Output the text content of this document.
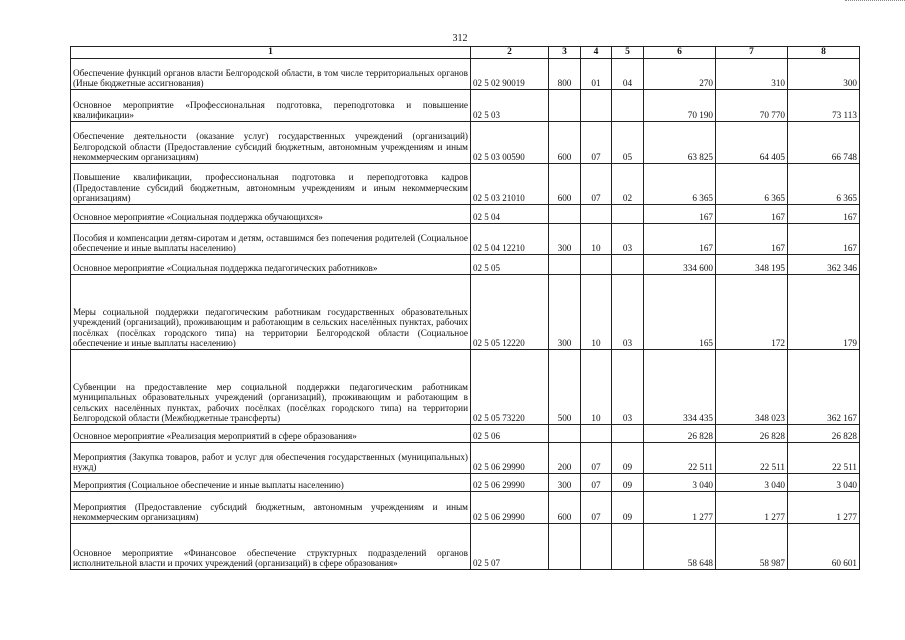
312
1	2	3	4	5	6	7	8
Обеспечение функций органов власти Белгородской области, в том числе территориальных органов (Иные бюджетные ассигнования)	02 5 02 90019	800	01	04	270	310	300
Основное мероприятие «Профессиональная подготовка, переподготовка и повышение квалификации»	02 5 03				70 190	70 770	73 113
Обеспечение деятельности (оказание услуг) государственных учреждений (организаций) Белгородской области (Предоставление субсидий бюджетным, автономным учреждениям и иным некоммерческим организациям)	02 5 03 00590	600	07	05	63 825	64 405	66 748
Повышение квалификации, профессиональная подготовка и переподготовка кадров (Предоставление субсидий бюджетным, автономным учреждениям и иным некоммерческим организациям)	02 5 03 21010	600	07	02	6 365	6 365	6 365
Основное мероприятие «Социальная поддержка обучающихся»	02 5 04				167	167	167
Пособия и компенсации детям-сиротам и детям, оставшимся без попечения родителей (Социальное обеспечение и иные выплаты населению)	02 5 04 12210	300	10	03	167	167	167
Основное мероприятие «Социальная поддержка педагогических работников»	02 5 05				334 600	348 195	362 346
Меры социальной поддержки педагогическим работникам государственных образовательных учреждений (организаций), проживающим и работающим в сельских населённых пунктах, рабочих посёлках (посёлках городского типа) на территории Белгородской области (Социальное обеспечение и иные выплаты населению)	02 5 05 12220	300	10	03	165	172	179
Субвенции на предоставление мер социальной поддержки педагогическим работникам муниципальных образовательных учреждений (организаций), проживающим и работающим в сельских населённых пунктах, рабочих посёлках (посёлках городского типа) на территории Белгородской области (Межбюджетные трансферты)	02 5 05 73220	500	10	03	334 435	348 023	362 167
Основное мероприятие «Реализация мероприятий в сфере образования»	02 5 06				26 828	26 828	26 828
Мероприятия (Закупка товаров, работ и услуг для обеспечения государственных (муниципальных) нужд)	02 5 06 29990	200	07	09	22 511	22 511	22 511
Мероприятия (Социальное обеспечение и иные выплаты населению)	02 5 06 29990	300	07	09	3 040	3 040	3 040
Мероприятия (Предоставление субсидий бюджетным, автономным учреждениям и иным некоммерческим организациям)	02 5 06 29990	600	07	09	1 277	1 277	1 277
Основное мероприятие «Финансовое обеспечение структурных подразделений органов исполнительной власти и прочих учреждений (организаций) в сфере образования»	02 5 07				58 648	58 987	60 601
